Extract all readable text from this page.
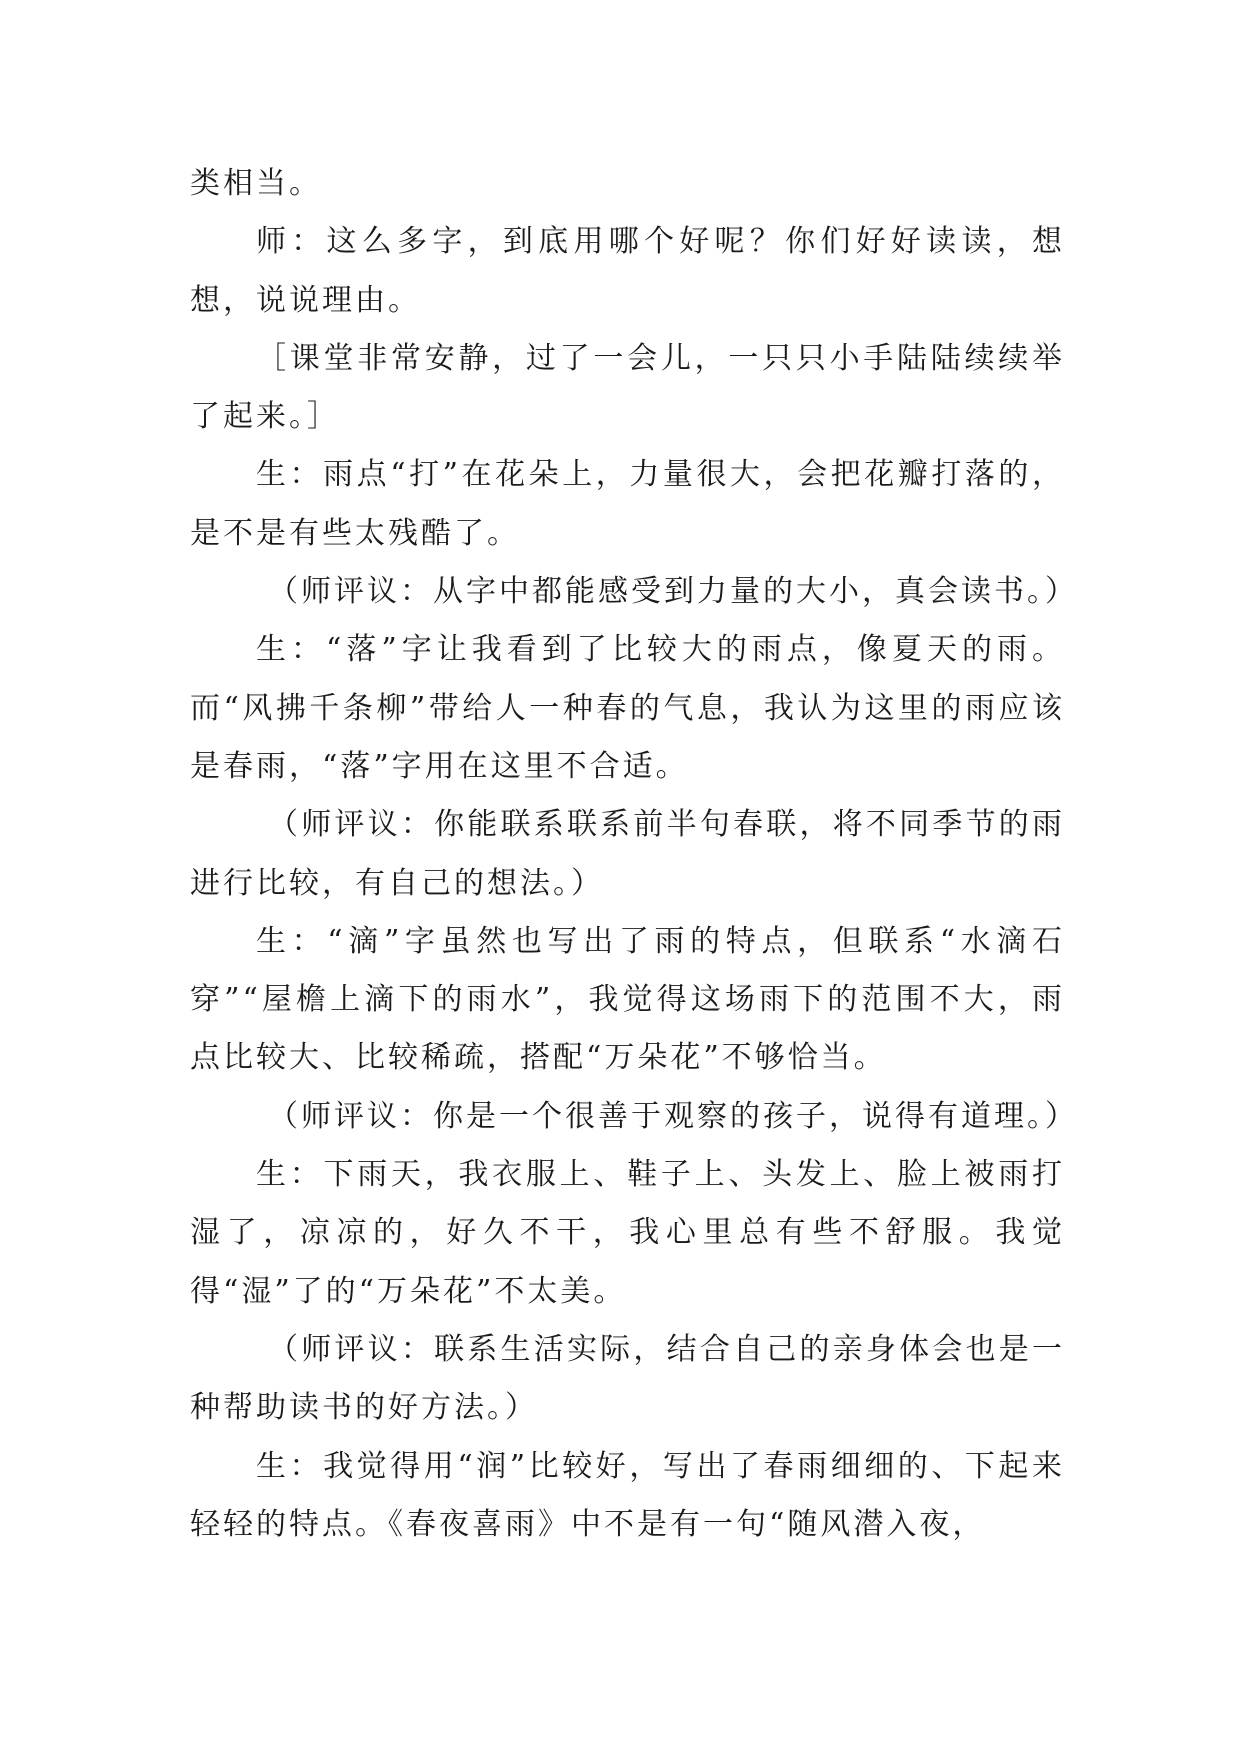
类相当。

师：这么多字，到底用哪个好呢？你们好好读读，想想，说说理由。

［课堂非常安静，过了一会儿，一只只小手陆陆续续举了起来。］

生：雨点“打”在花朵上，力量很大，会把花瓣打落的，是不是有些太残酷了。

（师评议：从字中都能感受到力量的大小，真会读书。）

生：“落”字让我看到了比较大的雨点，像夏天的雨。而“风拂千条柳”带给人一种春的气息，我认为这里的雨应该是春雨，“落”字用在这里不合适。

（师评议：你能联系联系前半句春联，将不同季节的雨进行比较，有自己的想法。）

生：“滴”字虽然也写出了雨的特点，但联系“水滴石穿”“屋檐上滴下的雨水”，我觉得这场雨下的范围不大，雨点比较大、比较稀疏，搭配“万朵花”不够恰当。

（师评议：你是一个很善于观察的孩子，说得有道理。）

生：下雨天，我衣服上、鞋子上、头发上、脸上被雨打湿了，凉凉的，好久不干，我心里总有些不舒服。我觉得“湿”了的“万朵花”不太美。

（师评议：联系生活实际，结合自己的亲身体会也是一种帮助读书的好方法。）

生：我觉得用“润”比较好，写出了春雨细细的、下起来轻轻的特点。《春夜喜雨》中不是有一句“随风潜入夜，
